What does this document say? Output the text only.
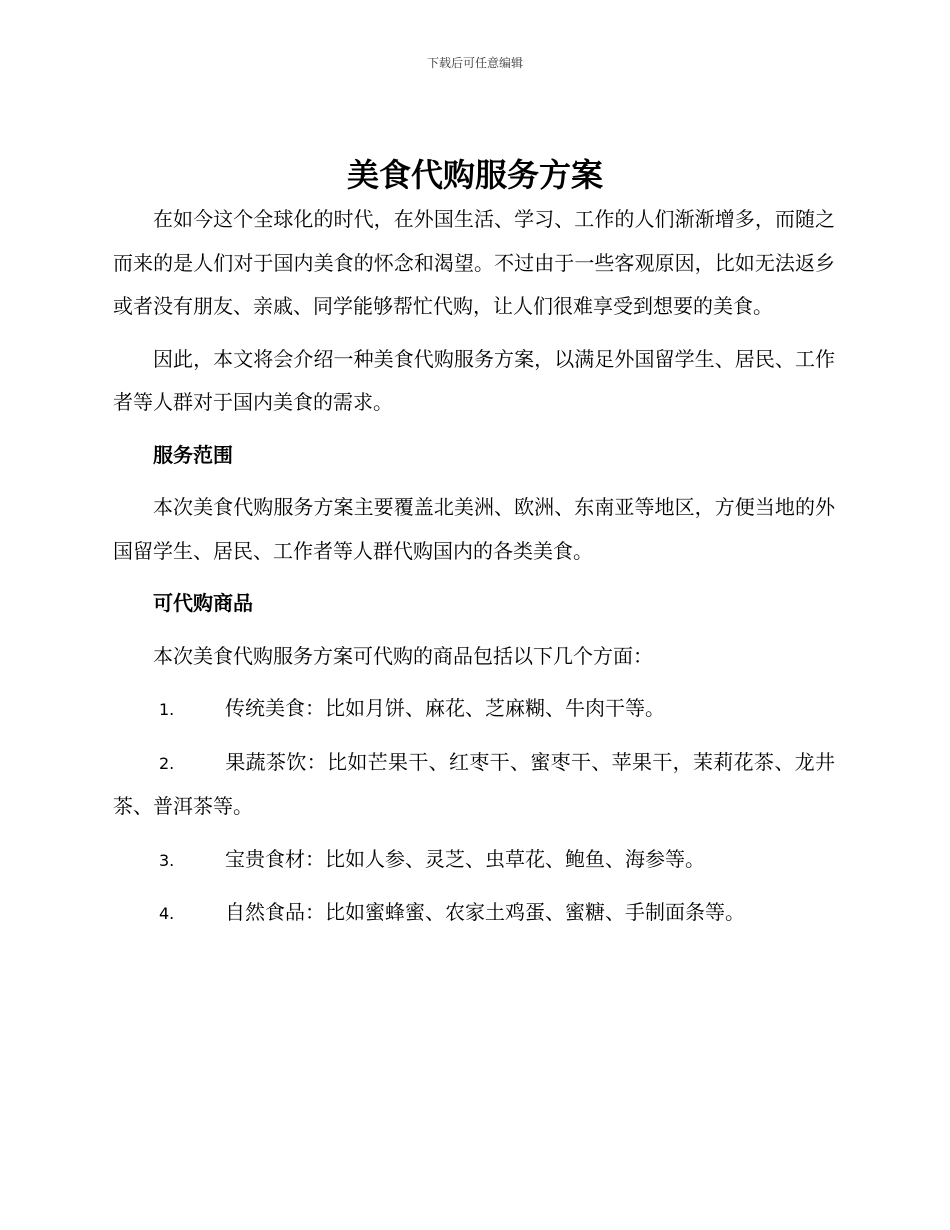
下载后可任意编辑
美食代购服务方案

在如今这个全球化的时代，在外国生活、学习、工作的人们渐渐增多，而随之而来的是人们对于国内美食的怀念和渴望。不过由于一些客观原因，比如无法返乡或者没有朋友、亲戚、同学能够帮忙代购，让人们很难享受到想要的美食。

因此，本文将会介绍一种美食代购服务方案，以满足外国留学生、居民、工作者等人群对于国内美食的需求。

服务范围

本次美食代购服务方案主要覆盖北美洲、欧洲、东南亚等地区，方便当地的外国留学生、居民、工作者等人群代购国内的各类美食。

可代购商品

本次美食代购服务方案可代购的商品包括以下几个方面：

1.	传统美食：比如月饼、麻花、芝麻糊、牛肉干等。

2.	果蔬茶饮：比如芒果干、红枣干、蜜枣干、苹果干，茉莉花茶、龙井茶、普洱茶等。

3.	宝贵食材：比如人参、灵芝、虫草花、鲍鱼、海参等。

4.	自然食品：比如蜜蜂蜜、农家土鸡蛋、蜜糖、手制面条等。
